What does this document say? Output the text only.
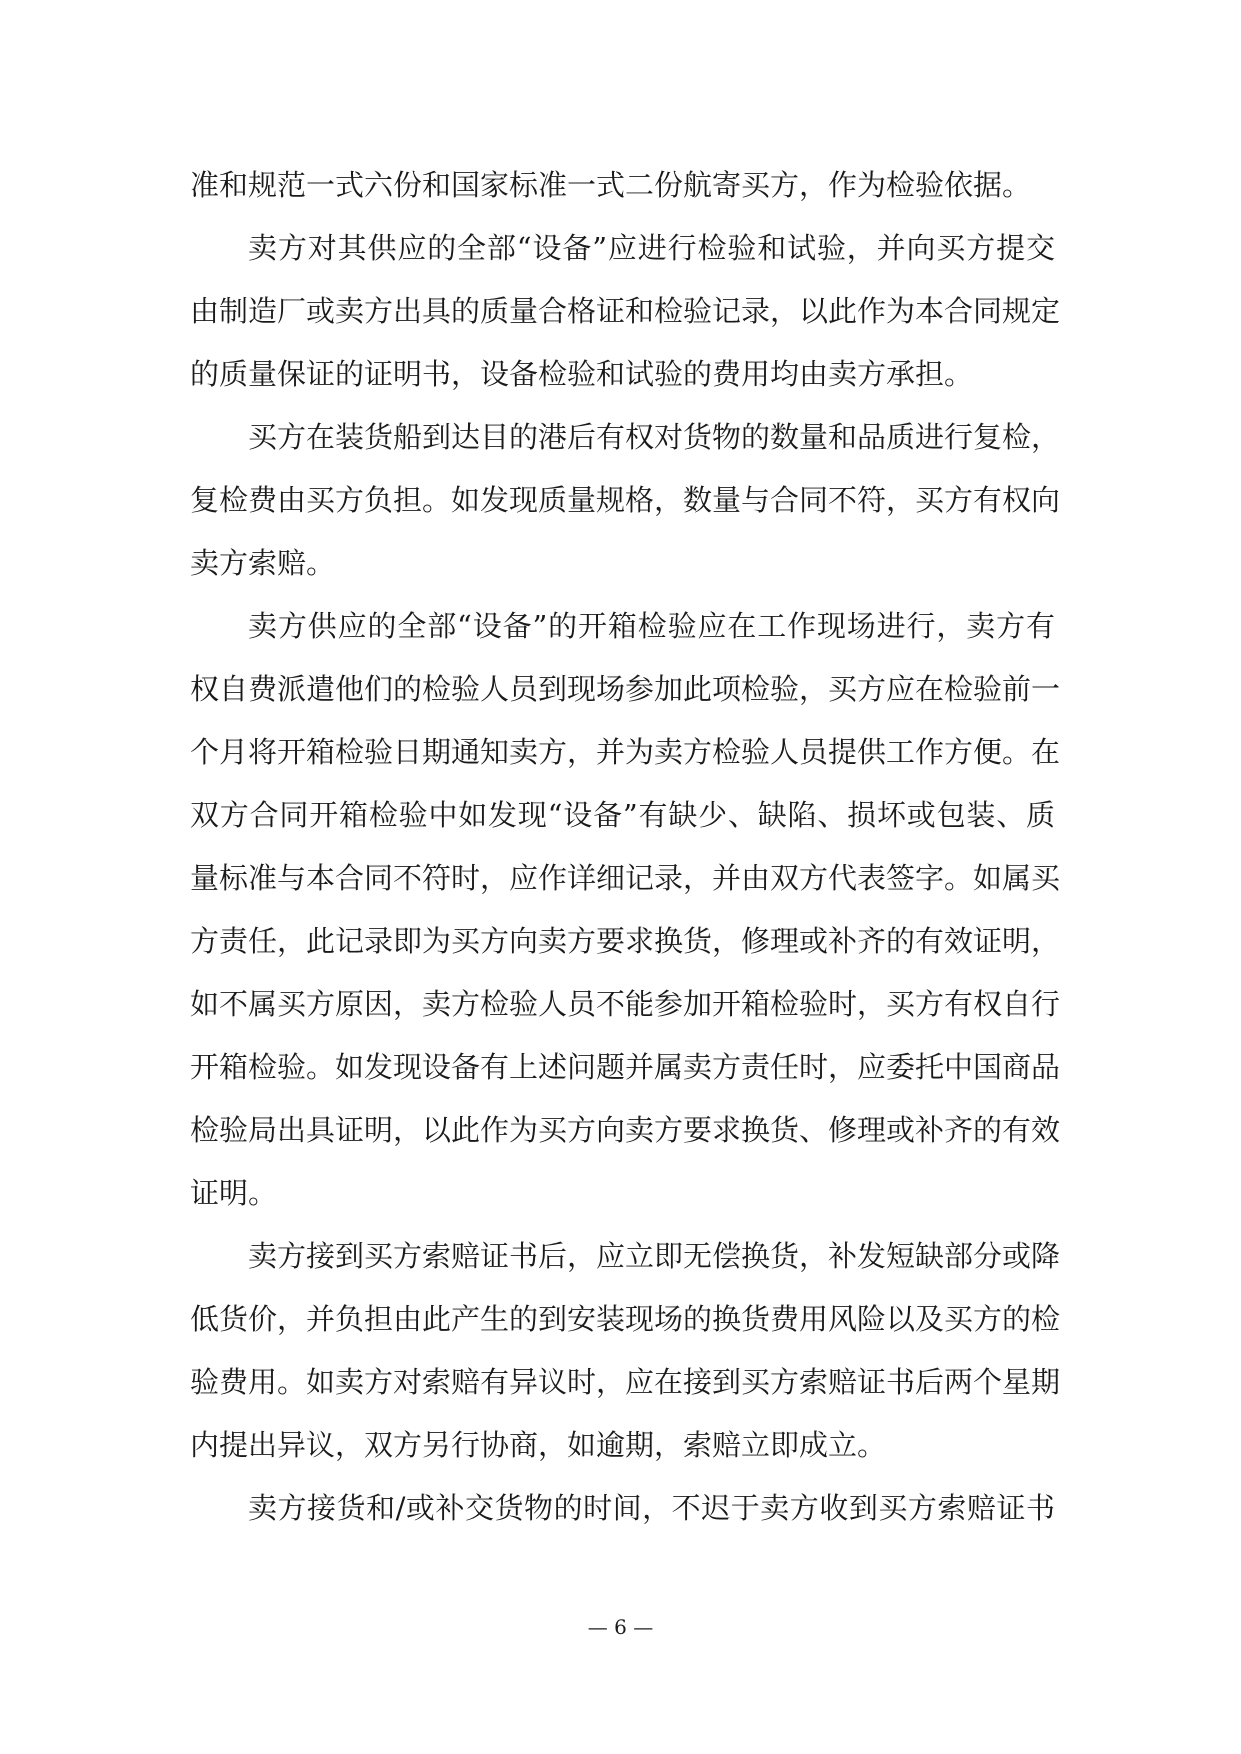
准和规范一式六份和国家标准一式二份航寄买方，作为检验依据。
卖方对其供应的全部“设备”应进行检验和试验，并向买方提交
由制造厂或卖方出具的质量合格证和检验记录，以此作为本合同规定
的质量保证的证明书，设备检验和试验的费用均由卖方承担。
买方在装货船到达目的港后有权对货物的数量和品质进行复检，
复检费由买方负担。如发现质量规格，数量与合同不符，买方有权向
卖方索赔。
卖方供应的全部“设备”的开箱检验应在工作现场进行，卖方有
权自费派遣他们的检验人员到现场参加此项检验，买方应在检验前一
个月将开箱检验日期通知卖方，并为卖方检验人员提供工作方便。在
双方合同开箱检验中如发现“设备”有缺少、缺陷、损坏或包装、质
量标准与本合同不符时，应作详细记录，并由双方代表签字。如属买
方责任，此记录即为买方向卖方要求换货，修理或补齐的有效证明，
如不属买方原因，卖方检验人员不能参加开箱检验时，买方有权自行
开箱检验。如发现设备有上述问题并属卖方责任时，应委托中国商品
检验局出具证明，以此作为买方向卖方要求换货、修理或补齐的有效
证明。
卖方接到买方索赔证书后，应立即无偿换货，补发短缺部分或降
低货价，并负担由此产生的到安装现场的换货费用风险以及买方的检
验费用。如卖方对索赔有异议时，应在接到买方索赔证书后两个星期
内提出异议，双方另行协商，如逾期，索赔立即成立。
卖方接货和/或补交货物的时间，不迟于卖方收到买方索赔证书
— 6 —
